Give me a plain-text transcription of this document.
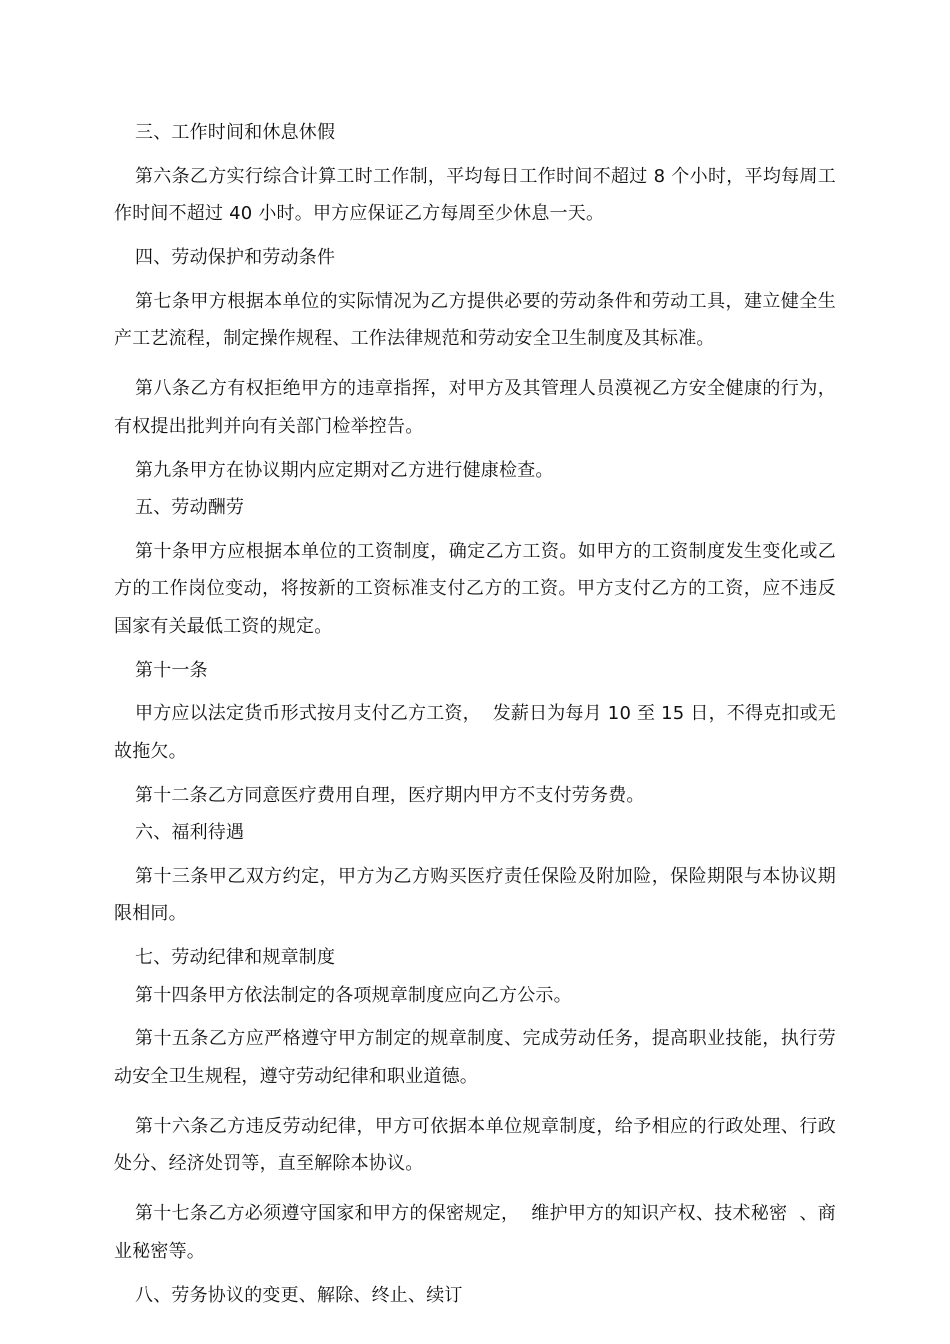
三、工作时间和休息休假
第六条乙方实行综合计算工时工作制，平均每日工作时间不超过 8 个小时，平均每周工作时间不超过 40 小时。甲方应保证乙方每周至少休息一天。
四、劳动保护和劳动条件
第七条甲方根据本单位的实际情况为乙方提供必要的劳动条件和劳动工具，建立健全生产工艺流程，制定操作规程、工作法律规范和劳动安全卫生制度及其标准。
第八条乙方有权拒绝甲方的违章指挥，对甲方及其管理人员漠视乙方安全健康的行为，有权提出批判并向有关部门检举控告。
第九条甲方在协议期内应定期对乙方进行健康检查。
五、劳动酬劳
第十条甲方应根据本单位的工资制度，确定乙方工资。如甲方的工资制度发生变化或乙方的工作岗位变动，将按新的工资标准支付乙方的工资。甲方支付乙方的工资，应不违反国家有关最低工资的规定。
第十一条
甲方应以法定货币形式按月支付乙方工资，  发薪日为每月 10 至 15 日，不得克扣或无故拖欠。
第十二条乙方同意医疗费用自理，医疗期内甲方不支付劳务费。
六、福利待遇
第十三条甲乙双方约定，甲方为乙方购买医疗责任保险及附加险，保险期限与本协议期限相同。
七、劳动纪律和规章制度
第十四条甲方依法制定的各项规章制度应向乙方公示。
第十五条乙方应严格遵守甲方制定的规章制度、完成劳动任务，提高职业技能，执行劳动安全卫生规程，遵守劳动纪律和职业道德。
第十六条乙方违反劳动纪律，甲方可依据本单位规章制度，给予相应的行政处理、行政处分、经济处罚等，直至解除本协议。
第十七条乙方必须遵守国家和甲方的保密规定，  维护甲方的知识产权、技术秘密  、商业秘密等。
八、劳务协议的变更、解除、终止、续订
